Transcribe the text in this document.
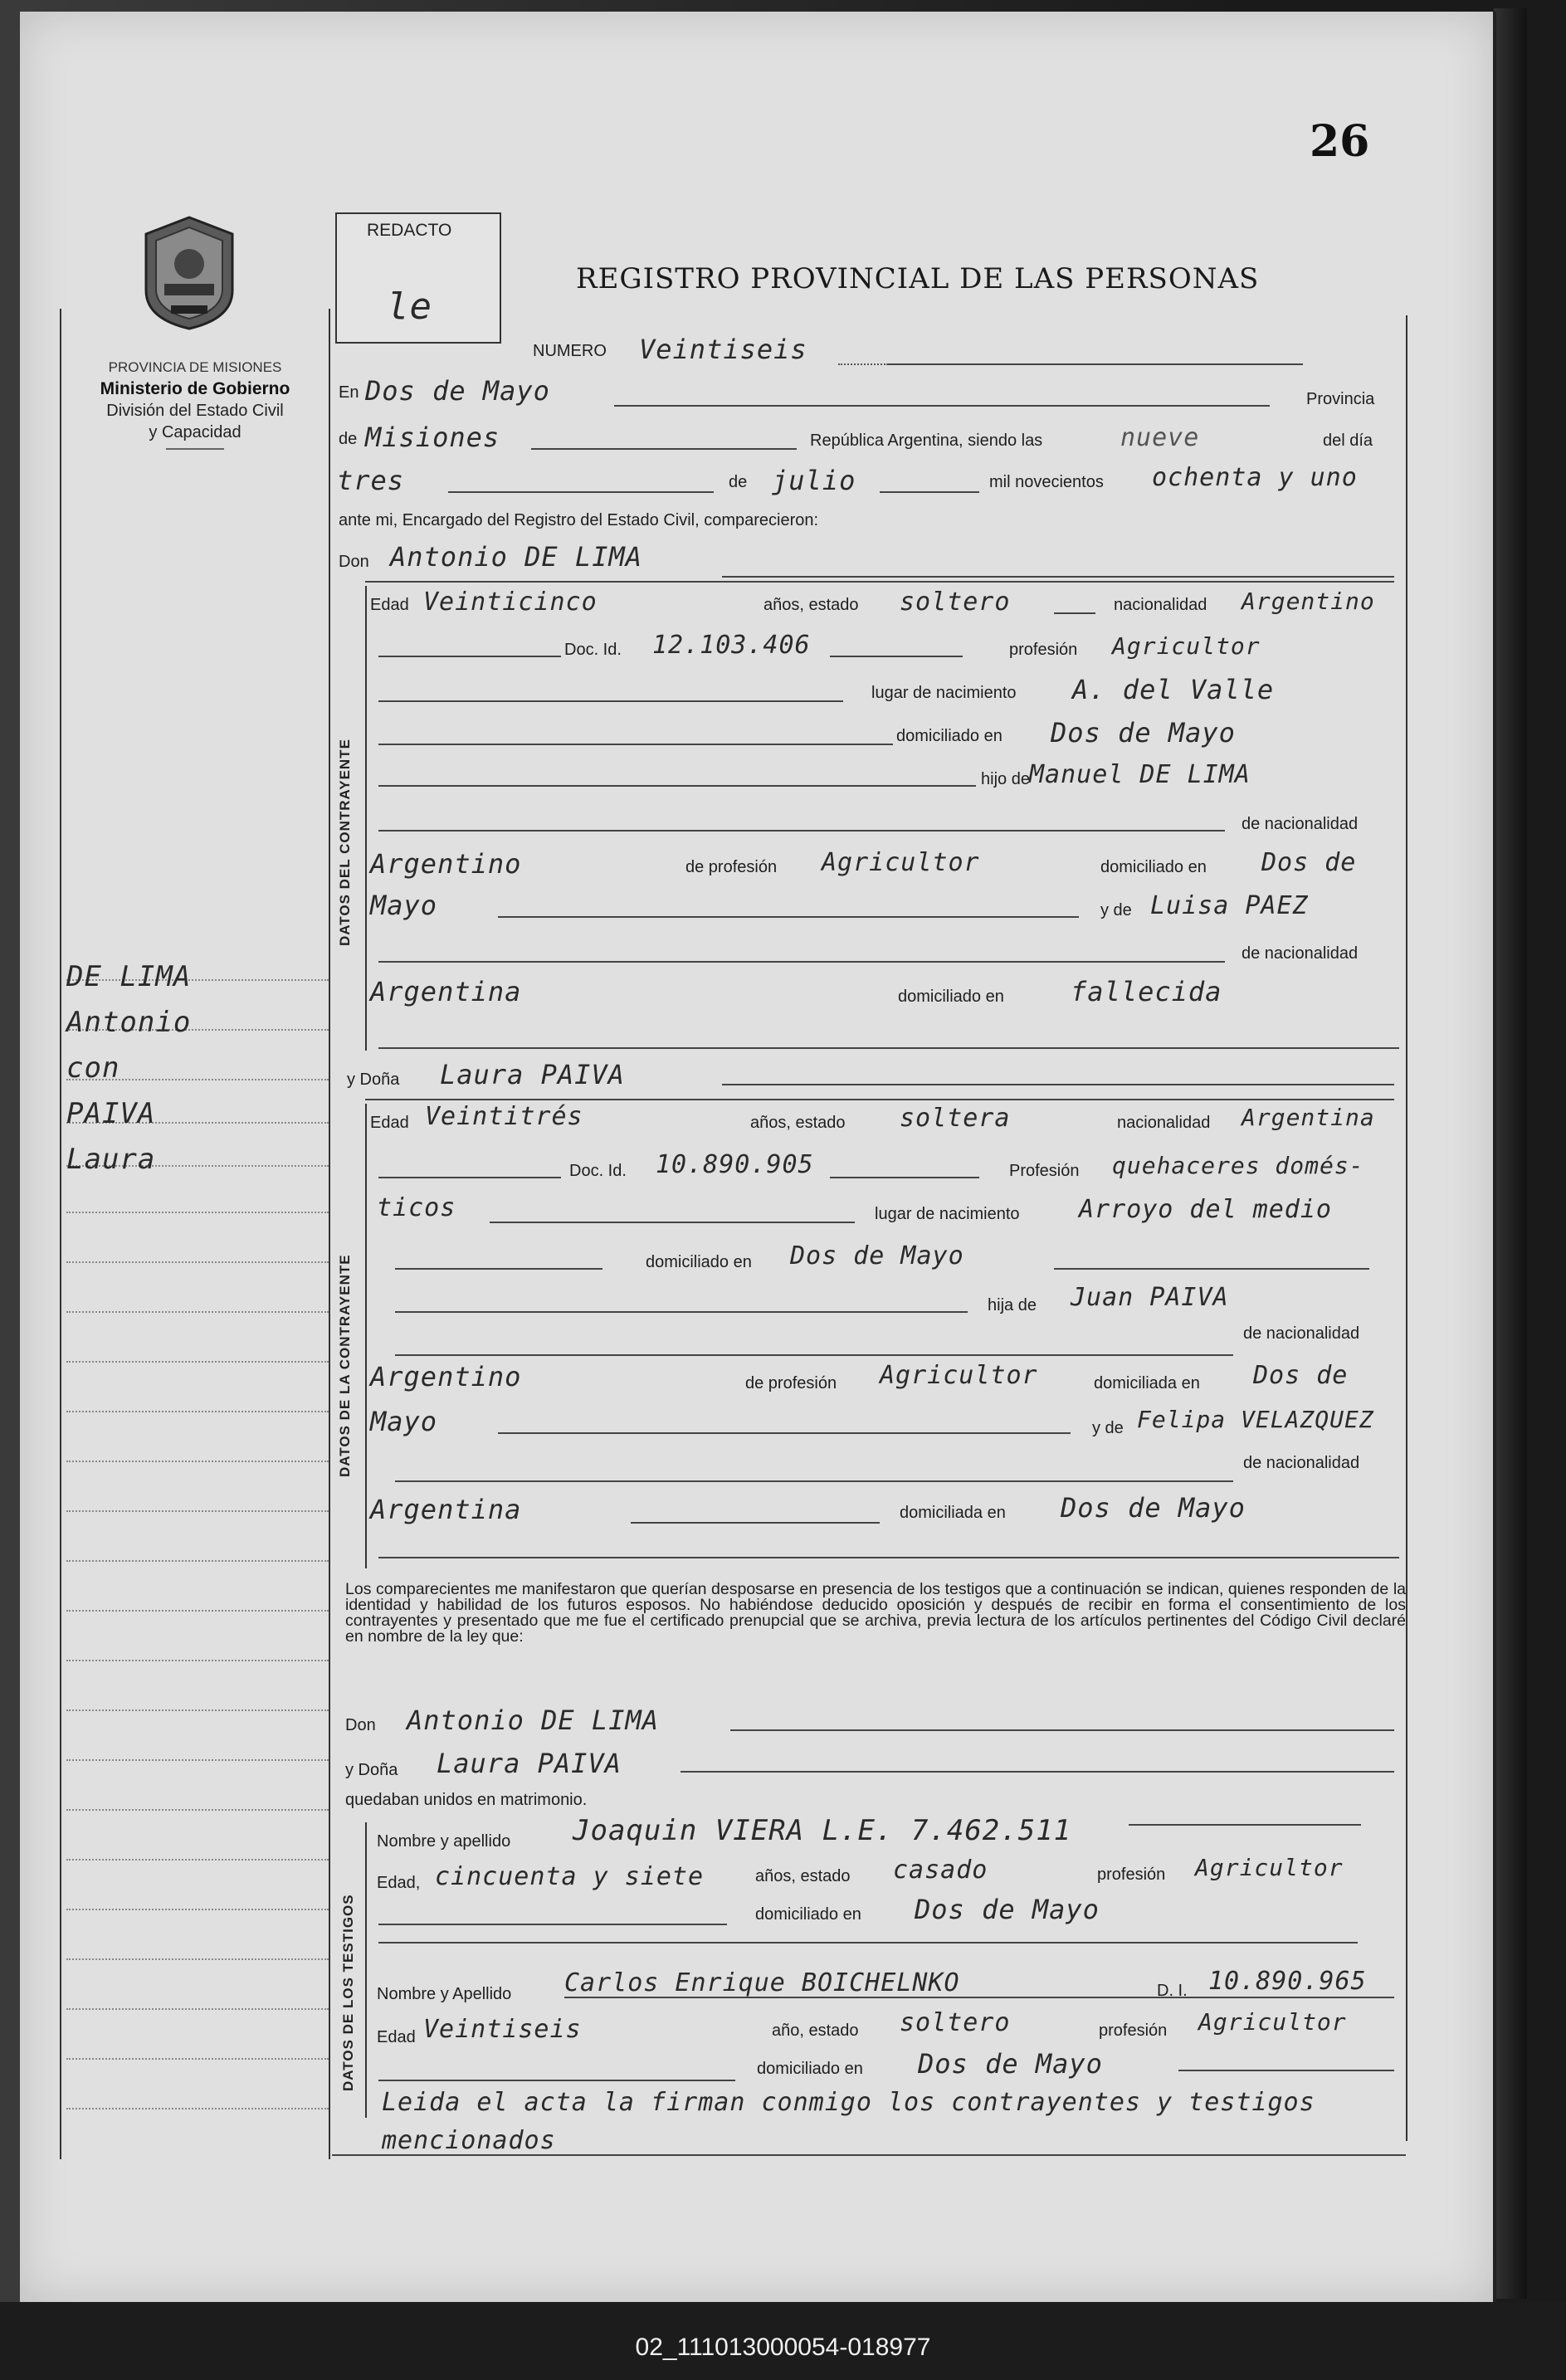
02_111013000054-018977
26
PROVINCIA DE MISIONES
Ministerio de Gobierno
División del Estado Civil
y Capacidad
REDACTO
le
REGISTRO PROVINCIAL DE LAS PERSONAS
DE LIMA
Antonio
con
PAIVA
Laura
NUMERO Veintiseis
En Dos de Mayo	Provincia
de Misiones	República Argentina, siendo las	nueve	del día
tres	de julio	mil novecientos ochenta y uno
ante mi, Encargado del Registro del Estado Civil, comparecieron:
Don Antonio DE LIMA
DATOS DEL CONTRAYENTE
Edad Veinticinco	años, estado soltero	nacionalidad Argentino
Doc. Id. 12.103.406	profesión Agricultor
lugar de nacimiento A. del Valle
domiciliado en Dos de Mayo
hijo de Manuel DE LIMA
de nacionalidad
Argentino	de profesión Agricultor	domiciliado en Dos de
Mayo	y de Luisa PAEZ
de nacionalidad
Argentina	domiciliado en	fallecida
y Doña Laura PAIVA
DATOS DE LA CONTRAYENTE
Edad Veintitrés	años, estado soltera	nacionalidad Argentina
Doc. Id. 10.890.905	Profesión quehaceres domés-
ticos	lugar de nacimiento Arroyo del medio
domiciliado en Dos de Mayo
hija de Juan PAIVA
de nacionalidad
Argentino	de profesión Agricultor	domiciliada en Dos de
Mayo	y de Felipa VELAZQUEZ
de nacionalidad
Argentina	domiciliada en Dos de Mayo
Los comparecientes me manifestaron que querían desposarse en presencia de los testigos que a continuación se indican, quienes responden de la identidad y habilidad de los futuros esposos. No habiéndose deducido oposición y después de recibir en forma el consentimiento de los contrayentes y presentado que me fue el certificado prenupcial que se archiva, previa lectura de los artículos pertinentes del Código Civil declaré en nombre de la ley que:
Don Antonio DE LIMA
y Doña Laura PAIVA
quedaban unidos en matrimonio.
DATOS DE LOS TESTIGOS
Nombre y apellido Joaquin VIERA L.E. 7.462.511
Edad, cincuenta y siete	años, estado casado	profesión Agricultor
domiciliado en Dos de Mayo
Nombre y Apellido Carlos Enrique BOICHELNKO	D. I. 10.890.965
Edad Veintiseis	año, estado soltero	profesión Agricultor
domiciliado en Dos de Mayo
Leida el acta la firman conmigo los contrayentes y testigos
mencionados
